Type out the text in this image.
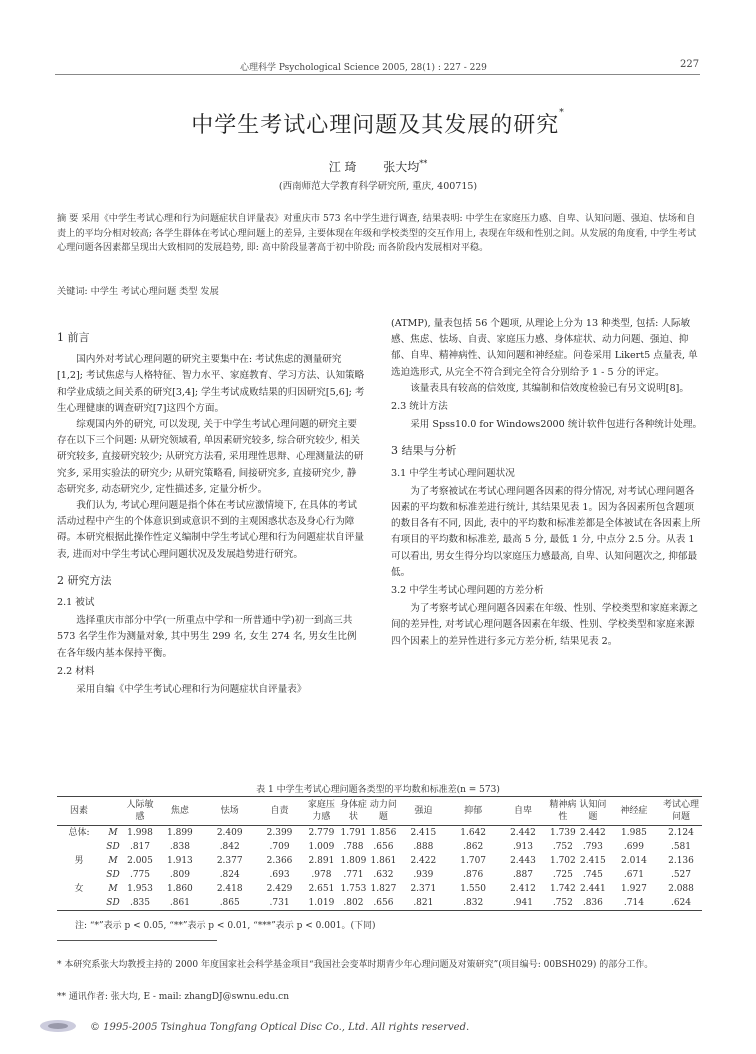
心理科学 Psychological Science 2005, 28(1) : 227 - 229	227
中学生考试心理问题及其发展的研究*
江 琦 张大均**
(西南师范大学教育科学研究所, 重庆, 400715)
摘 要 采用《中学生考试心理和行为问题症状自评量表》对重庆市 573 名中学生进行调查, 结果表明: 中学生在家庭压力感、自卑、认知问题、强迫、怯场和自责上的平均分相对较高; 各学生群体在考试心理问题上的差异, 主要体现在年级和学校类型的交互作用上, 表现在年级和性别之间。从发展的角度看, 中学生考试心理问题各因素都呈现出大致相同的发展趋势, 即: 高中阶段显著高于初中阶段; 而各阶段内发展相对平稳。
关键词: 中学生 考试心理问题 类型 发展
1 前言

国内外对考试心理问题的研究主要集中在: 考试焦虑的测量研究[1,2]; 考试焦虑与人格特征、智力水平、家庭教育、学习方法、认知策略和学业成绩之间关系的研究[3,4]; 学生考试成败结果的归因研究[5,6]; 考生心理健康的调查研究[7]这四个方面。

综观国内外的研究, 可以发现, 关于中学生考试心理问题的研究主要存在以下三个问题: 从研究领域看, 单因素研究较多, 综合研究较少, 相关研究较多, 直接研究较少; 从研究方法看, 采用理性思辩、心理测量法的研究多, 采用实验法的研究少; 从研究策略看, 间接研究多, 直接研究少, 静态研究多, 动态研究少, 定性描述多, 定量分析少。

我们认为, 考试心理问题是指个体在考试应激情境下, 在具体的考试活动过程中产生的个体意识到或意识不到的主观困惑状态及身心行为障碍。本研究根据此操作性定义编制中学生考试心理和行为问题症状自评量表, 进而对中学生考试心理问题状况及发展趋势进行研究。

2 研究方法
2.1 被试

选择重庆市部分中学(一所重点中学和一所普通中学)初一到高三共 573 名学生作为测量对象, 其中男生 299 名, 女生 274 名, 男女生比例在各年级内基本保持平衡。

2.2 材料

采用自编《中学生考试心理和行为问题症状自评量表》

(ATMP), 量表包括 56 个题项, 从理论上分为 13 种类型, 包括: 人际敏感、焦虑、怯场、自责、家庭压力感、身体症状、动力问题、强迫、抑郁、自卑、精神病性、认知问题和神经症。问卷采用 Likert5 点量表, 单选迫选形式, 从完全不符合到完全符合分别给予 1 - 5 分的评定。

该量表具有较高的信效度, 其编制和信效度检验已有另文说明[8]。

2.3 统计方法

采用 Spss10.0 for Windows2000 统计软件包进行各种统计处理。

3 结果与分析
3.1 中学生考试心理问题状况

为了考察被试在考试心理问题各因素的得分情况, 对考试心理问题各因素的平均数和标准差进行统计, 其结果见表 1。因为各因素所包含题项的数目各有不同, 因此, 表中的平均数和标准差都是全体被试在各因素上所有项目的平均数和标准差, 最高 5 分, 最低 1 分, 中点分 2.5 分。从表 1 可以看出, 男女生得分均以家庭压力感最高, 自卑、认知问题次之, 抑郁最低。

3.2 中学生考试心理问题的方差分析

为了考察考试心理问题各因素在年级、性别、学校类型和家庭来源之间的差异性, 对考试心理问题各因素在年级、性别、学校类型和家庭来源四个因素上的差异性进行多元方差分析, 结果见表 2。

表 1 中学生考试心理问题各类型的平均数和标准差(n = 573)
因素		人际敏感	焦虑	怯场	自责	家庭压力感	身体症状	动力问题	强迫	抑郁	自卑	精神病性	认知问题	神经症	考试心理问题
总体:	M	1.998	1.899	2.409	2.399	2.779	1.791	1.856	2.415	1.642	2.442	1.739	2.442	1.985	2.124
	SD	.817	.838	.842	.709	1.009	.788	.656	.888	.862	.913	.752	.793	.699	.581
男	M	2.005	1.913	2.377	2.366	2.891	1.809	1.861	2.422	1.707	2.443	1.702	2.415	2.014	2.136
	SD	.775	.809	.824	.693	.978	.771	.632	.939	.876	.887	.725	.745	.671	.527
女	M	1.953	1.860	2.418	2.429	2.651	1.753	1.827	2.371	1.550	2.412	1.742	2.441	1.927	2.088
	SD	.835	.861	.865	.731	1.019	.802	.656	.821	.832	.941	.752	.836	.714	.624
注: “*”表示 p < 0.05, “**”表示 p < 0.01, “***”表示 p < 0.001。(下同)
* 本研究系张大均教授主持的 2000 年度国家社会科学基金项目“我国社会变革时期青少年心理问题及对策研究”(项目编号: 00BSH029) 的部分工作。
** 通讯作者: 张大均, E - mail: zhangDJ@swnu.edu.cn
© 1995-2005 Tsinghua Tongfang Optical Disc Co., Ltd. All rights reserved.
